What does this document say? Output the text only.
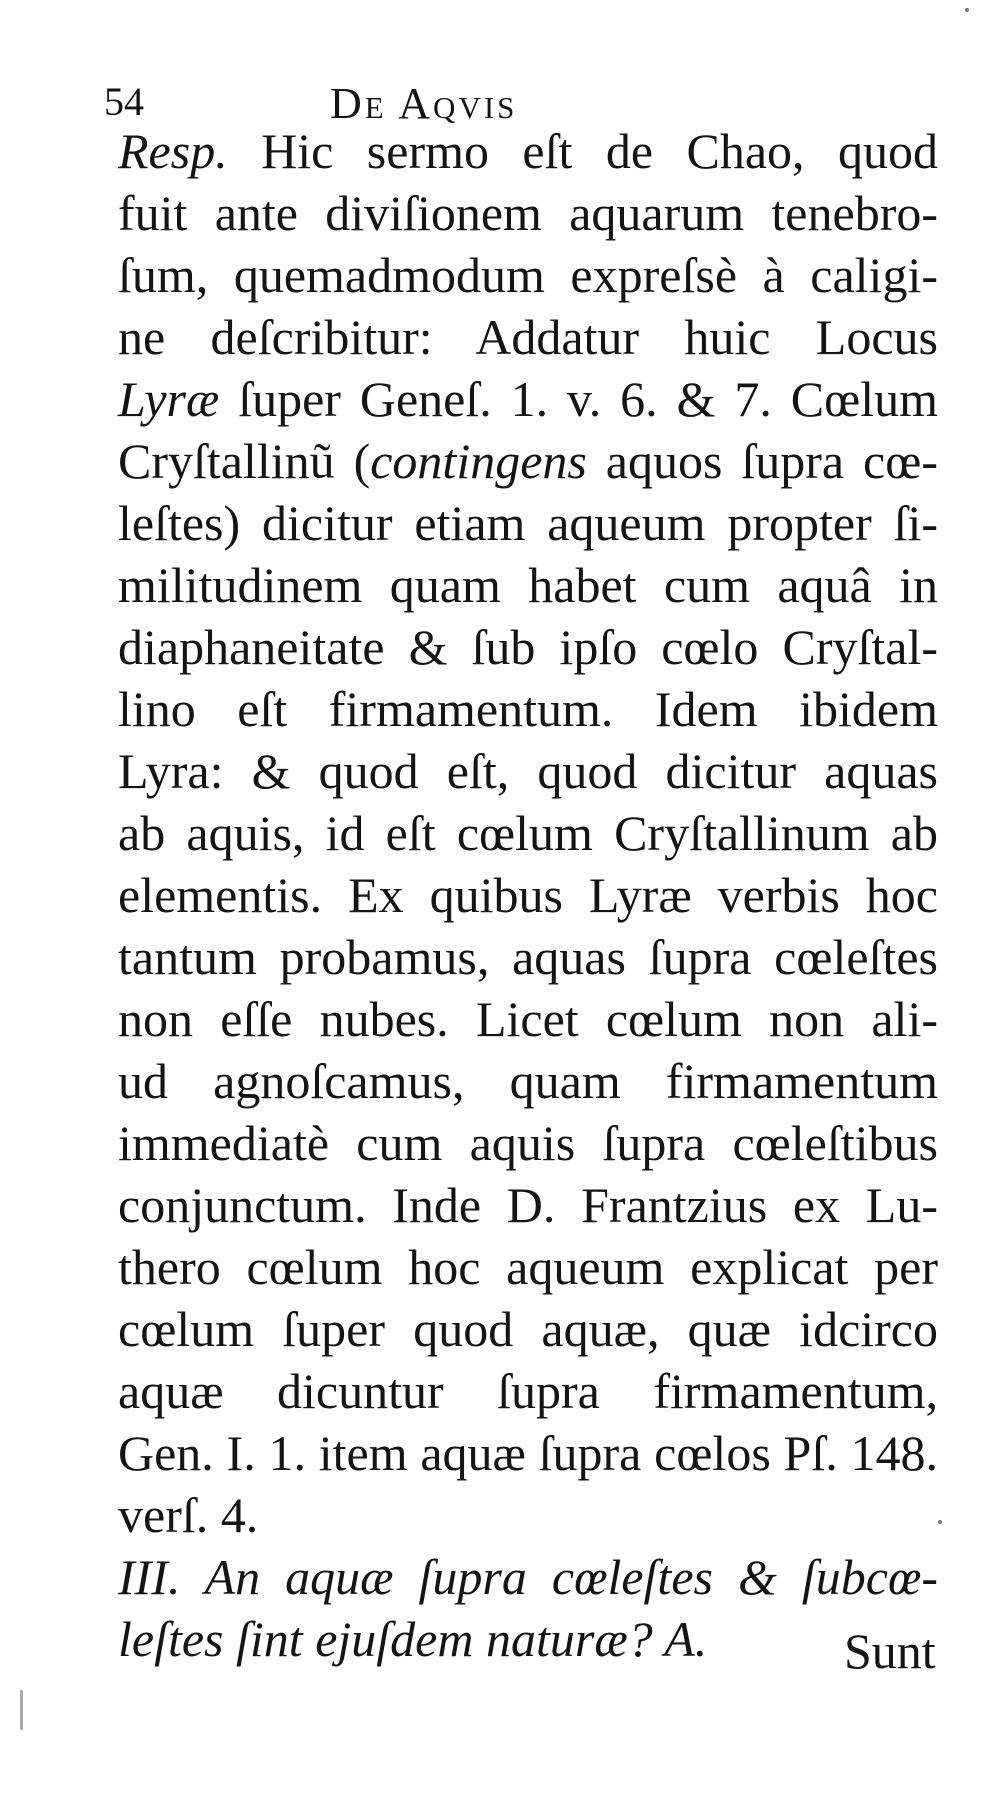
54	De Aqvis
Resp. Hic sermo eſt de Chao, quod
fuit ante diviſionem aquarum tenebro-
ſum, quemadmodum expreſsè à caligi-
ne deſcribitur: Addatur huic Locus
Lyræ ſuper Geneſ. 1. v. 6. & 7. Cœlum
Cryſtallinũ (contingens aquos ſupra cœ-
leſtes) dicitur etiam aqueum propter ſi-
militudinem quam habet cum aquâ in
diaphaneitate & ſub ipſo cœlo Cryſtal-
lino eſt firmamentum. Idem ibidem
Lyra: & quod eſt, quod dicitur aquas
ab aquis, id eſt cœlum Cryſtallinum ab
elementis. Ex quibus Lyræ verbis hoc
tantum probamus, aquas ſupra cœleſtes
non eſſe nubes. Licet cœlum non ali-
ud agnoſcamus, quam firmamentum
immediatè cum aquis ſupra cœleſtibus
conjunctum. Inde D. Frantzius ex Lu-
thero cœlum hoc aqueum explicat per
cœlum ſuper quod aquæ, quæ idcirco
aquæ dicuntur ſupra firmamentum,
Gen. I. 1. item aquæ ſupra cœlos Pſ. 148.
verſ. 4.
III. An aquæ ſupra cœleſtes & ſubcœ-
leſtes ſint ejuſdem naturæ? A.	Sunt
